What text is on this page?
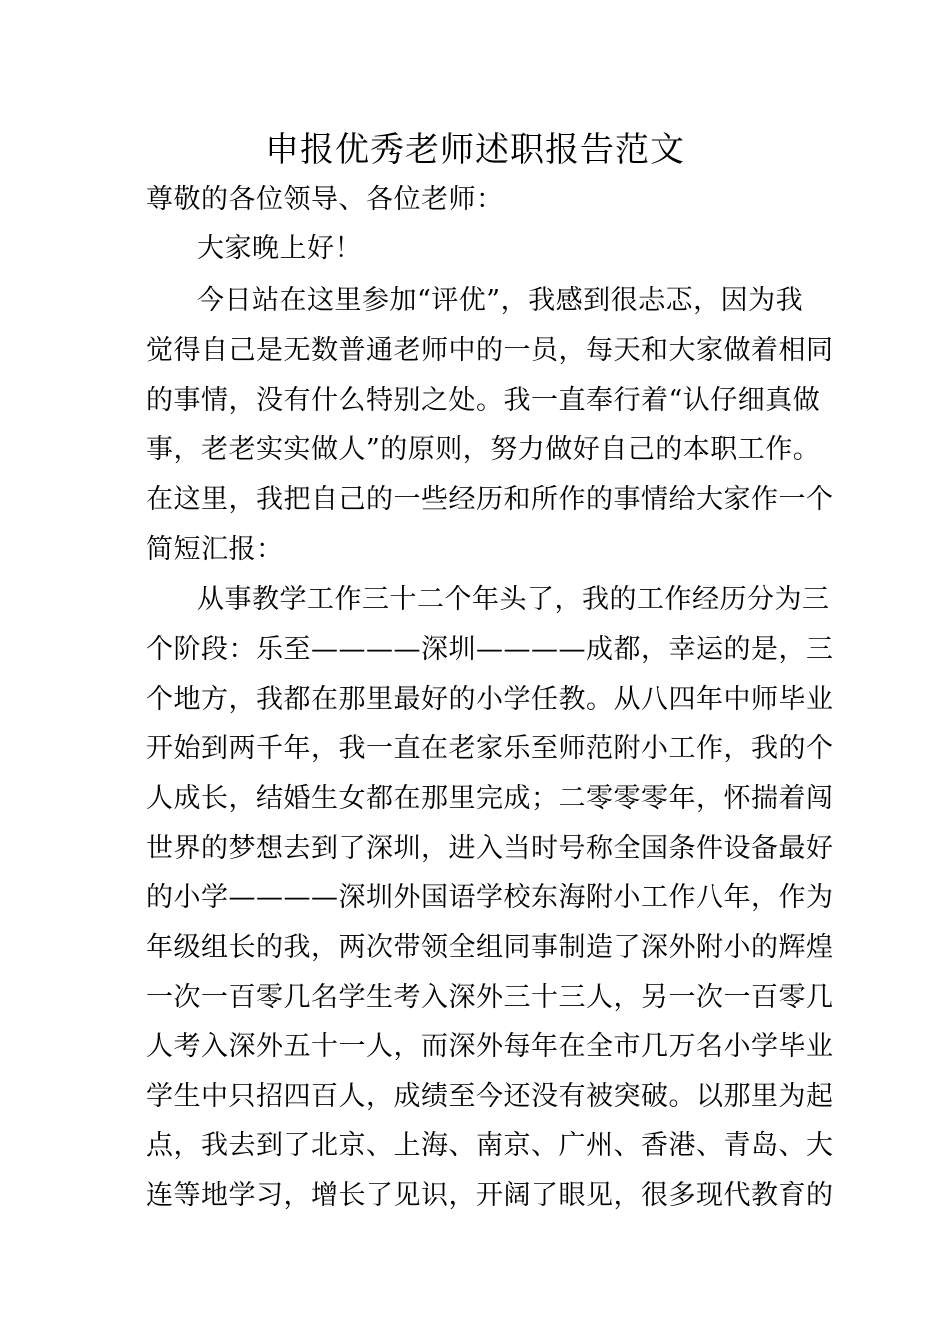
申报优秀老师述职报告范文
尊敬的各位领导、各位老师：
大家晚上好！
今日站在这里参加“评优”，我感到很忐忑，因为我
觉得自己是无数普通老师中的一员，每天和大家做着相同
的事情，没有什么特别之处。我一直奉行着“认仔细真做
事，老老实实做人”的原则，努力做好自己的本职工作。
在这里，我把自己的一些经历和所作的事情给大家作一个
简短汇报：
从事教学工作三十二个年头了，我的工作经历分为三
个阶段：乐至————深圳————成都，幸运的是，三
个地方，我都在那里最好的小学任教。从八四年中师毕业
开始到两千年，我一直在老家乐至师范附小工作，我的个
人成长，结婚生女都在那里完成；二零零零年，怀揣着闯
世界的梦想去到了深圳，进入当时号称全国条件设备最好
的小学————深圳外国语学校东海附小工作八年，作为
年级组长的我，两次带领全组同事制造了深外附小的辉煌
一次一百零几名学生考入深外三十三人，另一次一百零几
人考入深外五十一人，而深外每年在全市几万名小学毕业
学生中只招四百人，成绩至今还没有被突破。以那里为起
点，我去到了北京、上海、南京、广州、香港、青岛、大
连等地学习，增长了见识，开阔了眼见，很多现代教育的
